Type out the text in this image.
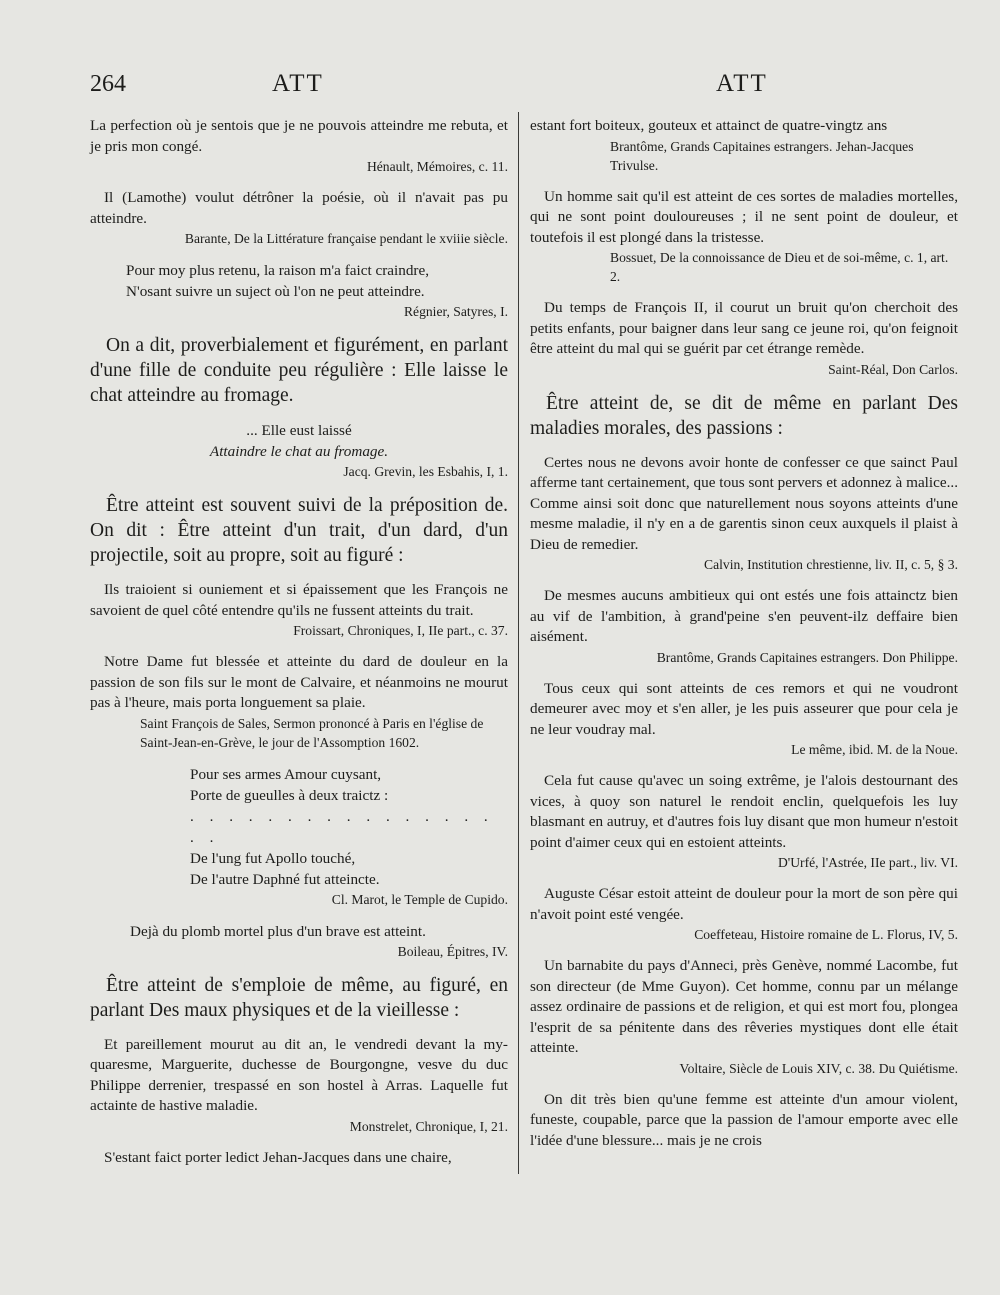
264	ATT

La perfection où je sentois que je ne pouvois atteindre me rebuta, et je pris mon congé.

Hénault, Mémoires, c. 11.

Il (Lamothe) voulut détrôner la poésie, où il n'avait pas pu atteindre.

Barante, De la Littérature française pendant le xviiie siècle.

Pour moy plus retenu, la raison m'a faict craindre,
N'osant suivre un suject où l'on ne peut atteindre.

Régnier, Satyres, I.

On a dit, proverbialement et figurément, en parlant d'une fille de conduite peu régulière : Elle laisse le chat atteindre au fromage.

... Elle eust laissé
Attaindre le chat au fromage.

Jacq. Grevin, les Esbahis, I, 1.

Être atteint est souvent suivi de la préposition de. On dit : Être atteint d'un trait, d'un dard, d'un projectile, soit au propre, soit au figuré :

Ils traioient si ouniement et si épaissement que les François ne savoient de quel côté entendre qu'ils ne fussent atteints du trait.

Froissart, Chroniques, I, IIe part., c. 37.

Notre Dame fut blessée et atteinte du dard de douleur en la passion de son fils sur le mont de Calvaire, et néanmoins ne mourut pas à l'heure, mais porta longuement sa plaie.

Saint François de Sales, Sermon prononcé à Paris en l'église de Saint-Jean-en-Grève, le jour de l'Assomption 1602.

Pour ses armes Amour cuysant,
Porte de gueulles à deux traictz :
. . . . . . . . . . . . . . . . . .
De l'ung fut Apollo touché,
De l'autre Daphné fut atteincte.

Cl. Marot, le Temple de Cupido.

Dejà du plomb mortel plus d'un brave est atteint.

Boileau, Épitres, IV.

Être atteint de s'emploie de même, au figuré, en parlant Des maux physiques et de la vieillesse :

Et pareillement mourut au dit an, le vendredi devant la my-quaresme, Marguerite, duchesse de Bourgongne, vesve du duc Philippe derrenier, trespassé en son hostel à Arras. Laquelle fut actainte de hastive maladie.

Monstrelet, Chronique, I, 21.

S'estant faict porter ledict Jehan-Jacques dans une chaire,

ATT

estant fort boiteux, gouteux et attainct de quatre-vingtz ans

Brantôme, Grands Capitaines estrangers. Jehan-Jacques Trivulse.

Un homme sait qu'il est atteint de ces sortes de maladies mortelles, qui ne sont point douloureuses ; il ne sent point de douleur, et toutefois il est plongé dans la tristesse.

Bossuet, De la connoissance de Dieu et de soi-même, c. 1, art. 2.

Du temps de François II, il courut un bruit qu'on cherchoit des petits enfants, pour baigner dans leur sang ce jeune roi, qu'on feignoit être atteint du mal qui se guérit par cet étrange remède.

Saint-Réal, Don Carlos.

Être atteint de, se dit de même en parlant Des maladies morales, des passions :

Certes nous ne devons avoir honte de confesser ce que sainct Paul afferme tant certainement, que tous sont pervers et adonnez à malice... Comme ainsi soit donc que naturellement nous soyons atteints d'une mesme maladie, il n'y en a de garentis sinon ceux auxquels il plaist à Dieu de remedier.

Calvin, Institution chrestienne, liv. II, c. 5, § 3.

De mesmes aucuns ambitieux qui ont estés une fois attainctz bien au vif de l'ambition, à grand'peine s'en peuvent-ilz deffaire bien aisément.

Brantôme, Grands Capitaines estrangers. Don Philippe.

Tous ceux qui sont atteints de ces remors et qui ne voudront demeurer avec moy et s'en aller, je les puis asseurer que pour cela je ne leur voudray mal.

Le même, ibid. M. de la Noue.

Cela fut cause qu'avec un soing extrême, je l'alois destournant des vices, à quoy son naturel le rendoit enclin, quelquefois les luy blasmant en autruy, et d'autres fois luy disant que mon humeur n'estoit point d'aimer ceux qui en estoient atteints.

D'Urfé, l'Astrée, IIe part., liv. VI.

Auguste César estoit atteint de douleur pour la mort de son père qui n'avoit point esté vengée.

Coeffeteau, Histoire romaine de L. Florus, IV, 5.

Un barnabite du pays d'Anneci, près Genève, nommé Lacombe, fut son directeur (de Mme Guyon). Cet homme, connu par un mélange assez ordinaire de passions et de religion, et qui est mort fou, plongea l'esprit de sa pénitente dans des rêveries mystiques dont elle était atteinte.

Voltaire, Siècle de Louis XIV, c. 38. Du Quiétisme.

On dit très bien qu'une femme est atteinte d'un amour violent, funeste, coupable, parce que la passion de l'amour emporte avec elle l'idée d'une blessure... mais je ne crois
